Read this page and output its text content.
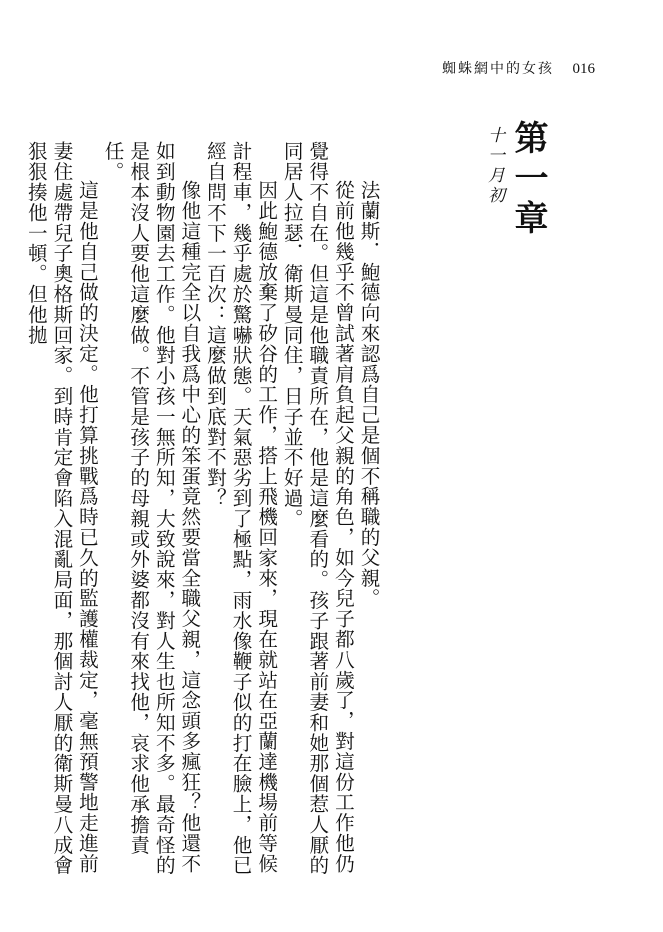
蜘蛛網中的女孩 016
第一章
十一月初

法蘭斯．鮑德向來認爲自己是個不稱職的父親。

從前他幾乎不曾試著肩負起父親的角色，如今兒子都八歲了，對這份工作他仍覺得不自在。但這是他職責所在，他是這麼看的。孩子跟著前妻和她那個惹人厭的同居人拉瑟．衛斯曼同住，日子並不好過。

因此鮑德放棄了矽谷的工作，搭上飛機回家來，現在就站在亞蘭達機場前等候計程車，幾乎處於驚嚇狀態。天氣惡劣到了極點，雨水像鞭子似的打在臉上，他已經自問不下一百次：這麼做到底對不對？

像他這種完全以自我爲中心的笨蛋竟然要當全職父親，這念頭多瘋狂？他還不如到動物園去工作。他對小孩一無所知，大致說來，對人生也所知不多。最奇怪的是根本沒人要他這麼做。不管是孩子的母親或外婆都沒有來找他，哀求他承擔責任。

這是他自己做的決定。他打算挑戰爲時已久的監護權裁定，毫無預警地走進前妻住處帶兒子奧格斯回家。到時肯定會陷入混亂局面，那個討人厭的衛斯曼八成會狠狠揍他一頓。但他拋
